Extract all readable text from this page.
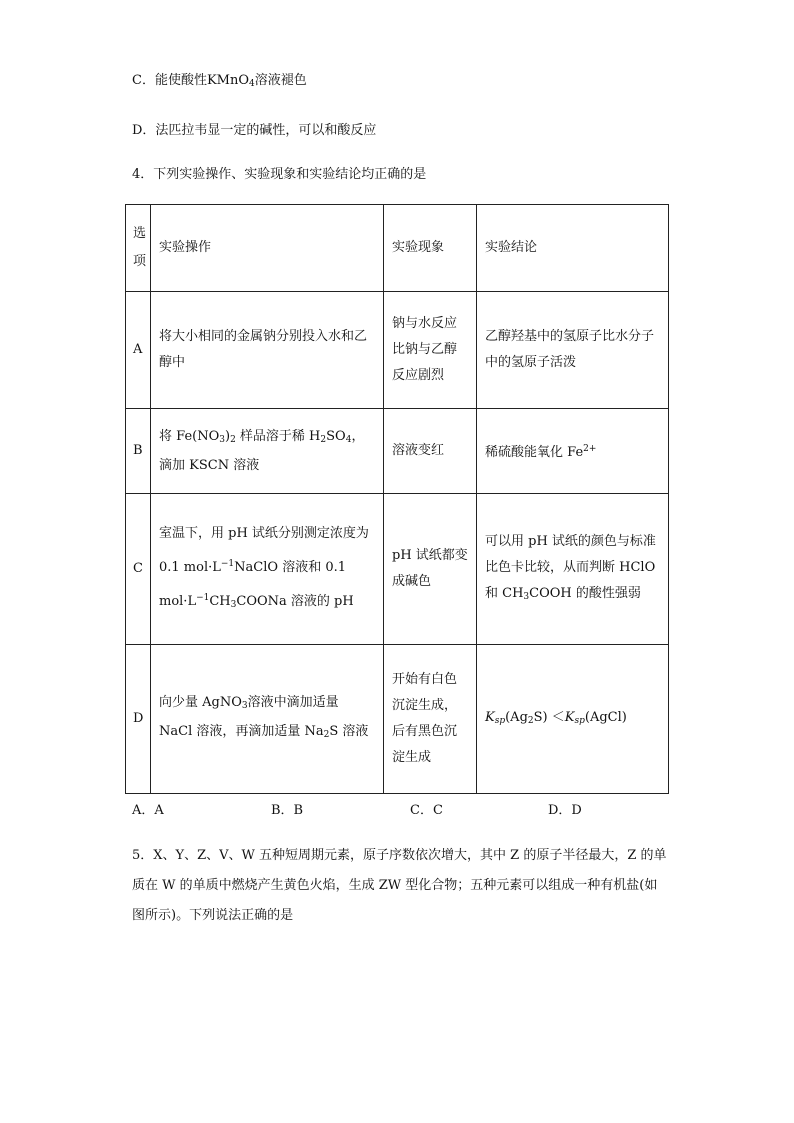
C．能使酸性KMnO$_4$溶液褪色
D．法匹拉韦显一定的碱性，可以和酸反应
4．下列实验操作、实验现象和实验结论均正确的是
选项	实验操作	实验现象	实验结论
A	将大小相同的金属钠分别投入水和乙醇中	钠与水反应比钠与乙醇反应剧烈	乙醇羟基中的氢原子比水分子中的氢原子活泼
B	将 $Fe(NO_3)_2$ 样品溶于稀 $H_2SO_4$，滴加 KSCN 溶液	溶液变红	稀硫酸能氧化 $Fe^{2+}$
C	室温下，用 pH 试纸分别测定浓度为 0.1 $mol\cdot L^{-1}NaClO$ 溶液和 0.1 $mol\cdot L^{-1}CH_3COONa$ 溶液的 pH	pH 试纸都变成碱色	可以用 pH 试纸的颜色与标准比色卡比较，从而判断 HClO 和 $CH_3COOH$ 的酸性强弱
D	向少量 AgNO$_3$溶液中滴加适量 NaCl 溶液，再滴加适量 $Na_2S$ 溶液	开始有白色沉淀生成，后有黑色沉淀生成	$K_{sp}(Ag_2S)$ $<K_{sp}(AgCl)$
A．A	B．B	C．C	D．D
5．X、Y、Z、V、W 五种短周期元素，原子序数依次增大，其中 Z 的原子半径最大，Z 的单质在 W 的单质中燃烧产生黄色火焰，生成 ZW 型化合物；五种元素可以组成一种有机盐(如图所示)。下列说法正确的是
